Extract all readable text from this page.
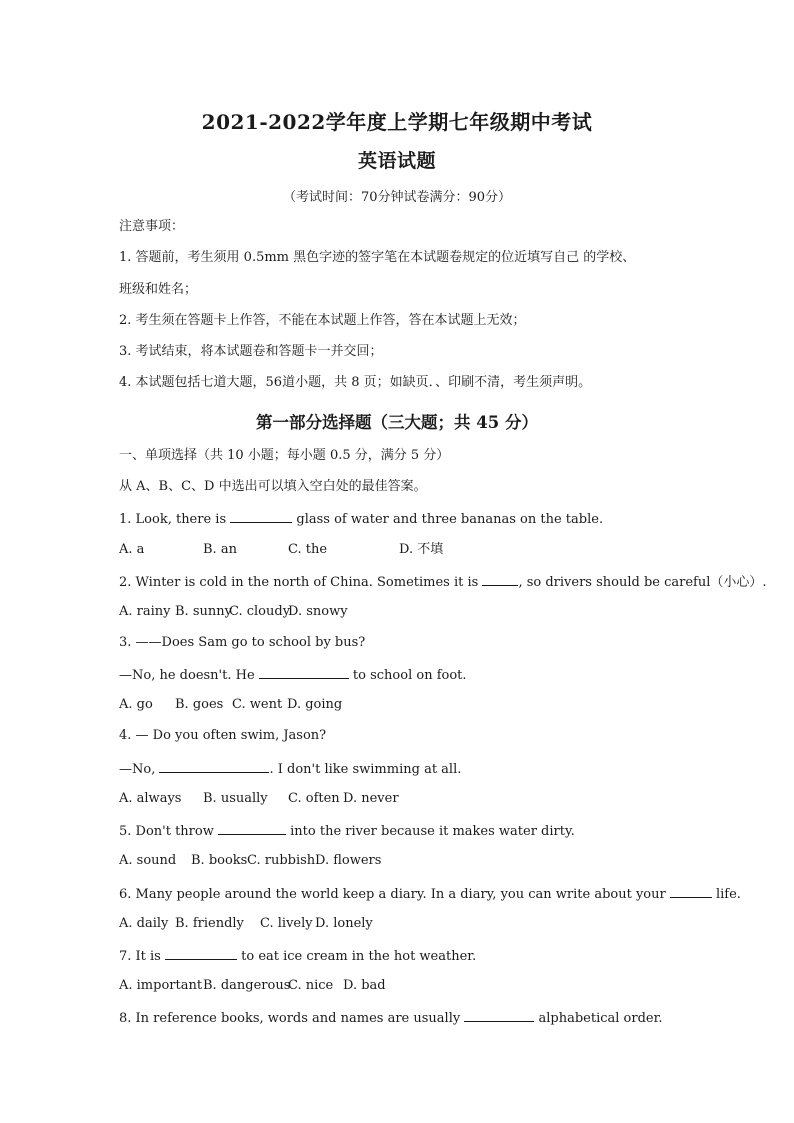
2021-2022学年度上学期七年级期中考试
英语试题
（考试时间：70分钟试卷满分：90分）
注意事项：
1. 答题前，考生须用 0.5mm 黑色字迹的签字笔在本试题卷规定的位近填写自己 的学校、
班级和姓名；
2. 考生须在答题卡上作答，不能在本试题上作答，答在本试题上无效；
3. 考试结束，将本试题卷和答题卡一并交回；
4. 本试题包括七道大题，56道小题，共 8 页；如缺页．、印刷不清，考生须声明。
第一部分选择题（三大题；共 45 分）
一、单项选择（共 10 小题；每小题 0.5 分，满分 5 分）
从 A、B、C、D 中选出可以填入空白处的最佳答案。
1. Look, there is	glass of water and three bananas on the table.
A. a	B. an	C. the	D. 不填
2. Winter is cold in the north of China. Sometimes it is	, so drivers should be careful（小心）.
A. rainy B. sunnyC. cloudyD. snowy
3. ——Does Sam go to school by bus?
—No, he doesn't. He	to school on foot.
A. go B. goes C. went D. going
4. — Do you often swim, Jason?
—No,	. I don't like swimming at all.
A. always B. usually C. often D. never
5. Don't throw	into the river because it makes water dirty.
A. sound B. booksC. rubbishD. flowers
6. Many people around the world keep a diary. In a diary, you can write about your	life.
A. daily B. friendly C. lively D. lonely
7. It is	to eat ice cream in the hot weather.
A. importantB. dangerousC. nice D. bad
8. In reference books, words and names are usually	alphabetical order.
